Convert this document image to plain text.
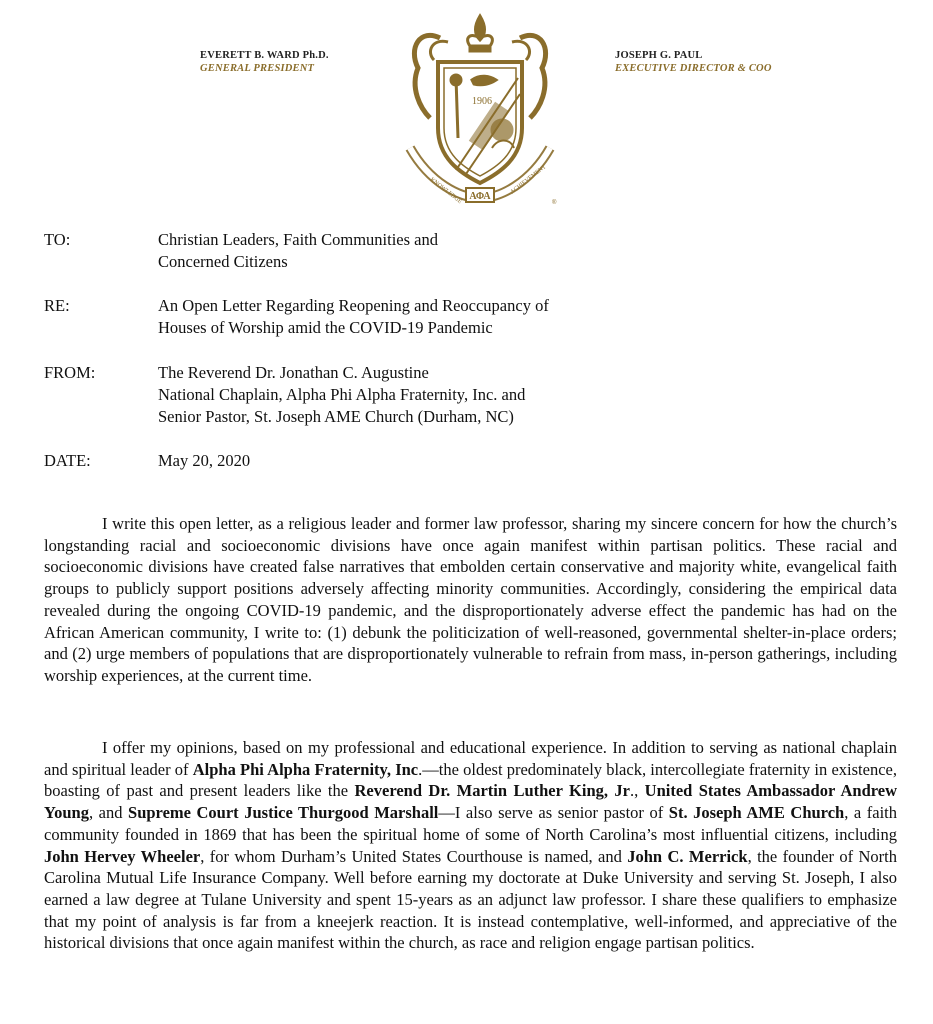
EVERETT B. WARD Ph.D.
GENERAL PRESIDENT
1906
ΑΦΑ
KNOWLEDGE	ACHIEVEMENT
®
JOSEPH G. PAUL
EXECUTIVE DIRECTOR & COO
TO:	Christian Leaders, Faith Communities and
Concerned Citizens
RE:	An Open Letter Regarding Reopening and Reoccupancy of
Houses of Worship amid the COVID-19 Pandemic
FROM:	The Reverend Dr. Jonathan C. Augustine
National Chaplain, Alpha Phi Alpha Fraternity, Inc. and
Senior Pastor, St. Joseph AME Church (Durham, NC)
DATE:	May 20, 2020
I write this open letter, as a religious leader and former law professor, sharing my sincere concern for how the church’s longstanding racial and socioeconomic divisions have once again manifest within partisan politics. These racial and socioeconomic divisions have created false narratives that embolden certain conservative and majority white, evangelical faith groups to publicly support positions adversely affecting minority communities. Accordingly, considering the empirical data revealed during the ongoing COVID-19 pandemic, and the disproportionately adverse effect the pandemic has had on the African American community, I write to: (1) debunk the politicization of well-reasoned, governmental shelter-in-place orders; and (2) urge members of populations that are disproportionately vulnerable to refrain from mass, in-person gatherings, including worship experiences, at the current time.
I offer my opinions, based on my professional and educational experience. In addition to serving as national chaplain and spiritual leader of Alpha Phi Alpha Fraternity, Inc.—the oldest predominately black, intercollegiate fraternity in existence, boasting of past and present leaders like the Reverend Dr. Martin Luther King, Jr., United States Ambassador Andrew Young, and Supreme Court Justice Thurgood Marshall—I also serve as senior pastor of St. Joseph AME Church, a faith community founded in 1869 that has been the spiritual home of some of North Carolina’s most influential citizens, including John Hervey Wheeler, for whom Durham’s United States Courthouse is named, and John C. Merrick, the founder of North Carolina Mutual Life Insurance Company. Well before earning my doctorate at Duke University and serving St. Joseph, I also earned a law degree at Tulane University and spent 15-years as an adjunct law professor. I share these qualifiers to emphasize that my point of analysis is far from a kneejerk reaction. It is instead contemplative, well-informed, and appreciative of the historical divisions that once again manifest within the church, as race and religion engage partisan politics.
